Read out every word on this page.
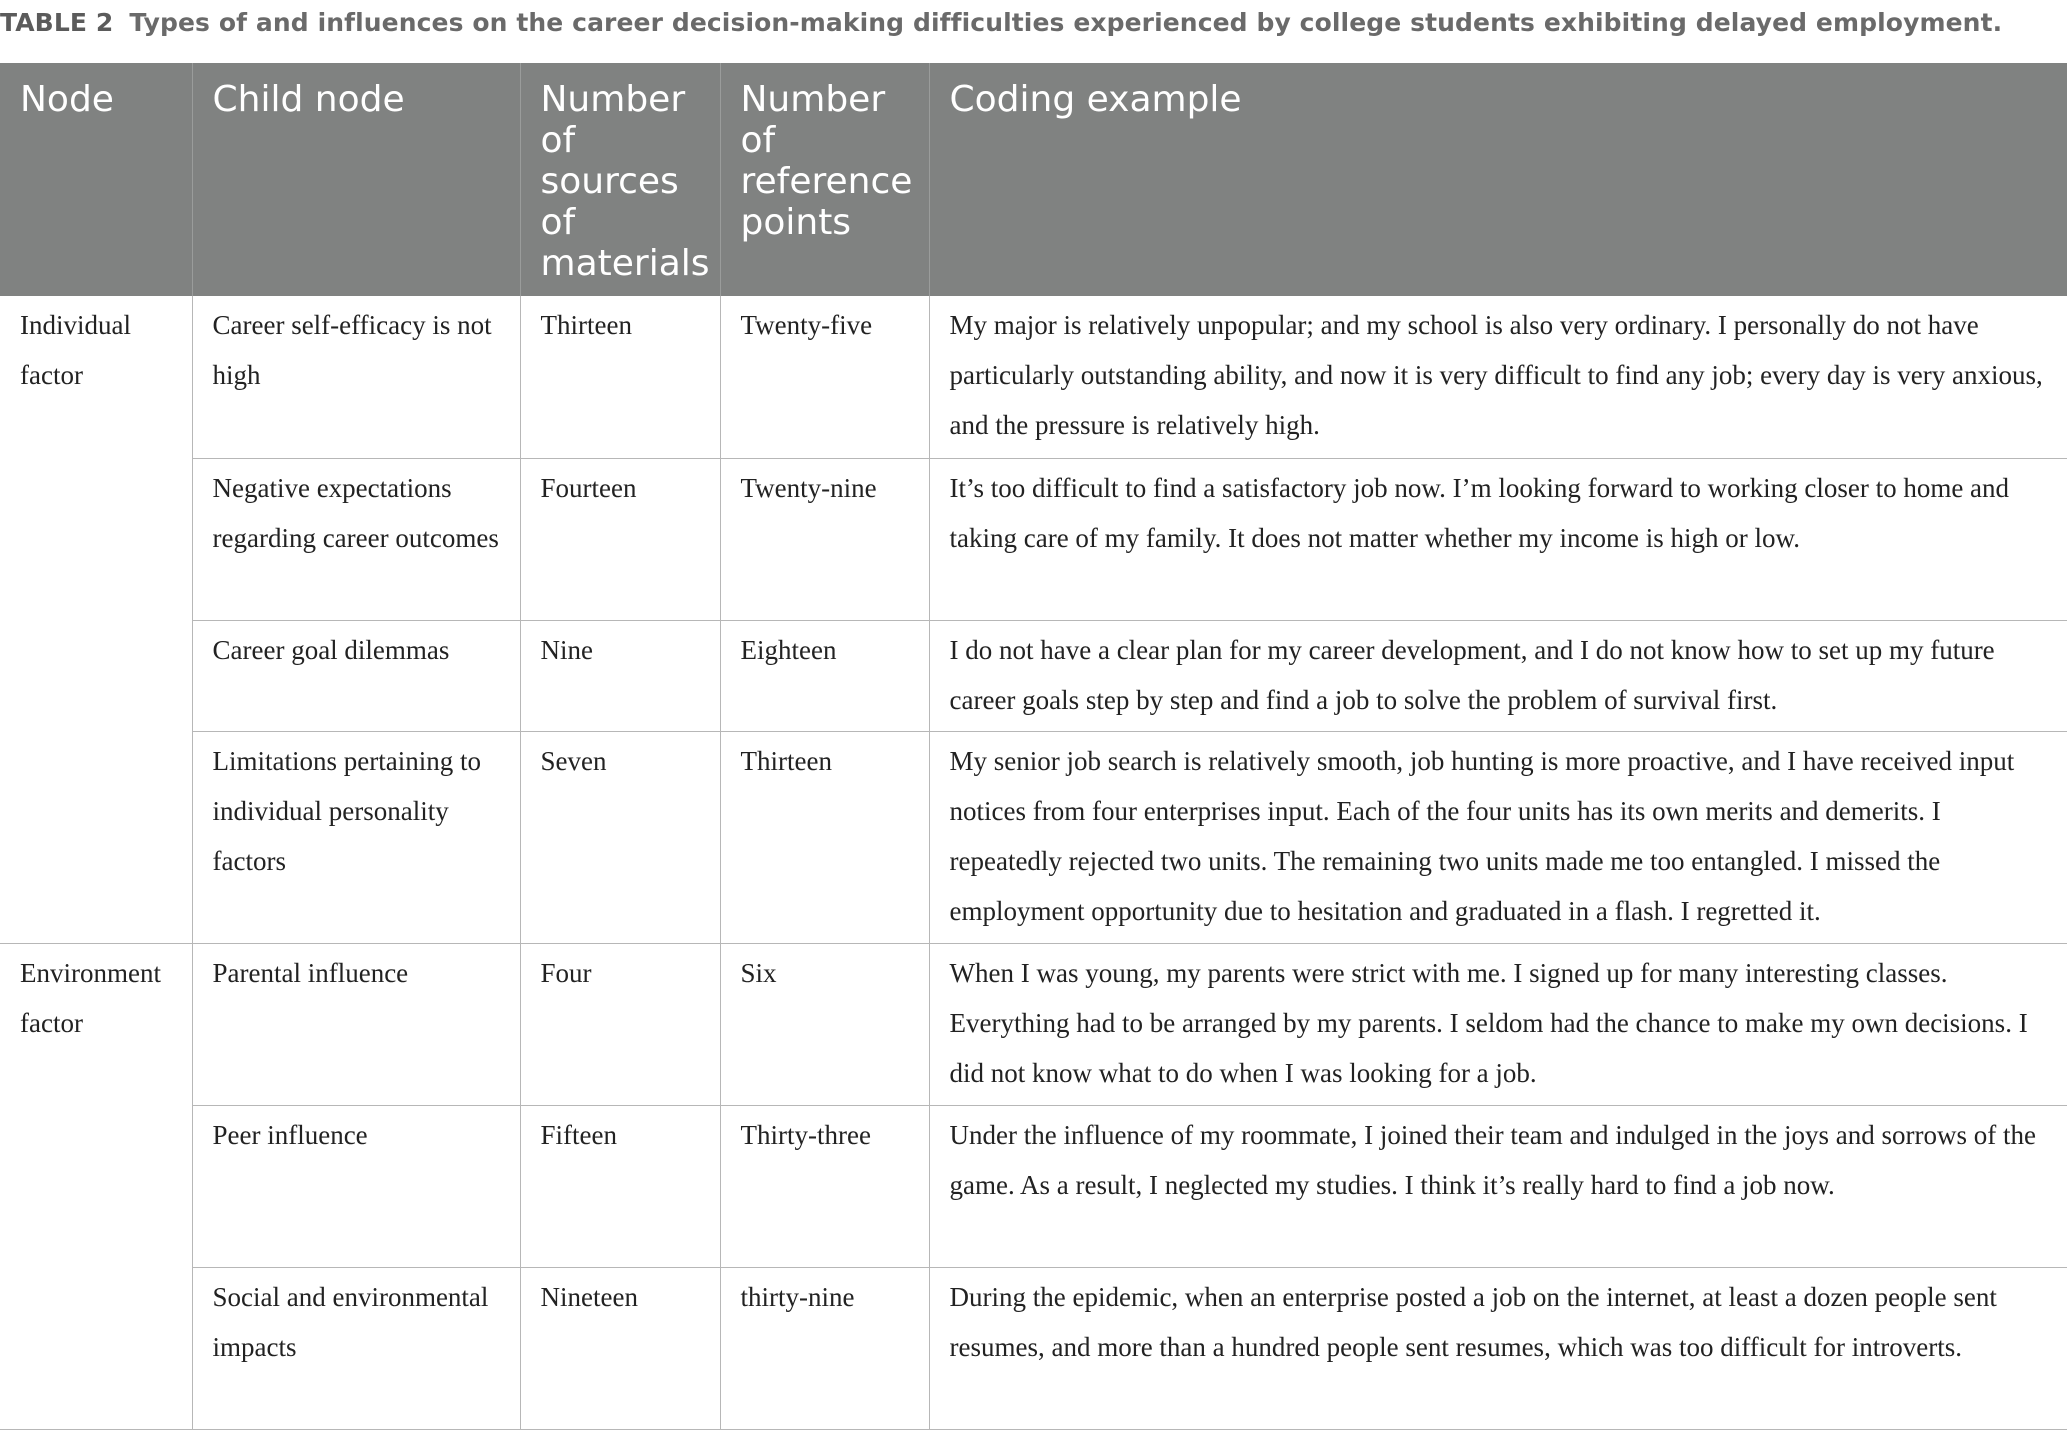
TABLE 2 Types of and influences on the career decision-making difficulties experienced by college students exhibiting delayed employment.
Node	Child node	Number of sources of materials	Number of reference points	Coding example
Individual factor	Career self-efficacy is not high	Thirteen	Twenty-five	My major is relatively unpopular; and my school is also very ordinary. I personally do not have particularly outstanding ability, and now it is very difficult to find any job; every day is very anxious, and the pressure is relatively high.
	Negative expectations regarding career outcomes	Fourteen	Twenty-nine	It’s too difficult to find a satisfactory job now. I’m looking forward to working closer to home and taking care of my family. It does not matter whether my income is high or low.
	Career goal dilemmas	Nine	Eighteen	I do not have a clear plan for my career development, and I do not know how to set up my future career goals step by step and find a job to solve the problem of survival first.
	Limitations pertaining to individual personality factors	Seven	Thirteen	My senior job search is relatively smooth, job hunting is more proactive, and I have received input notices from four enterprises input. Each of the four units has its own merits and demerits. I repeatedly rejected two units. The remaining two units made me too entangled. I missed the employment opportunity due to hesitation and graduated in a flash. I regretted it.
Environment factor	Parental influence	Four	Six	When I was young, my parents were strict with me. I signed up for many interesting classes. Everything had to be arranged by my parents. I seldom had the chance to make my own decisions. I did not know what to do when I was looking for a job.
	Peer influence	Fifteen	Thirty-three	Under the influence of my roommate, I joined their team and indulged in the joys and sorrows of the game. As a result, I neglected my studies. I think it’s really hard to find a job now.
	Social and environmental impacts	Nineteen	thirty-nine	During the epidemic, when an enterprise posted a job on the internet, at least a dozen people sent resumes, and more than a hundred people sent resumes, which was too difficult for introverts.
